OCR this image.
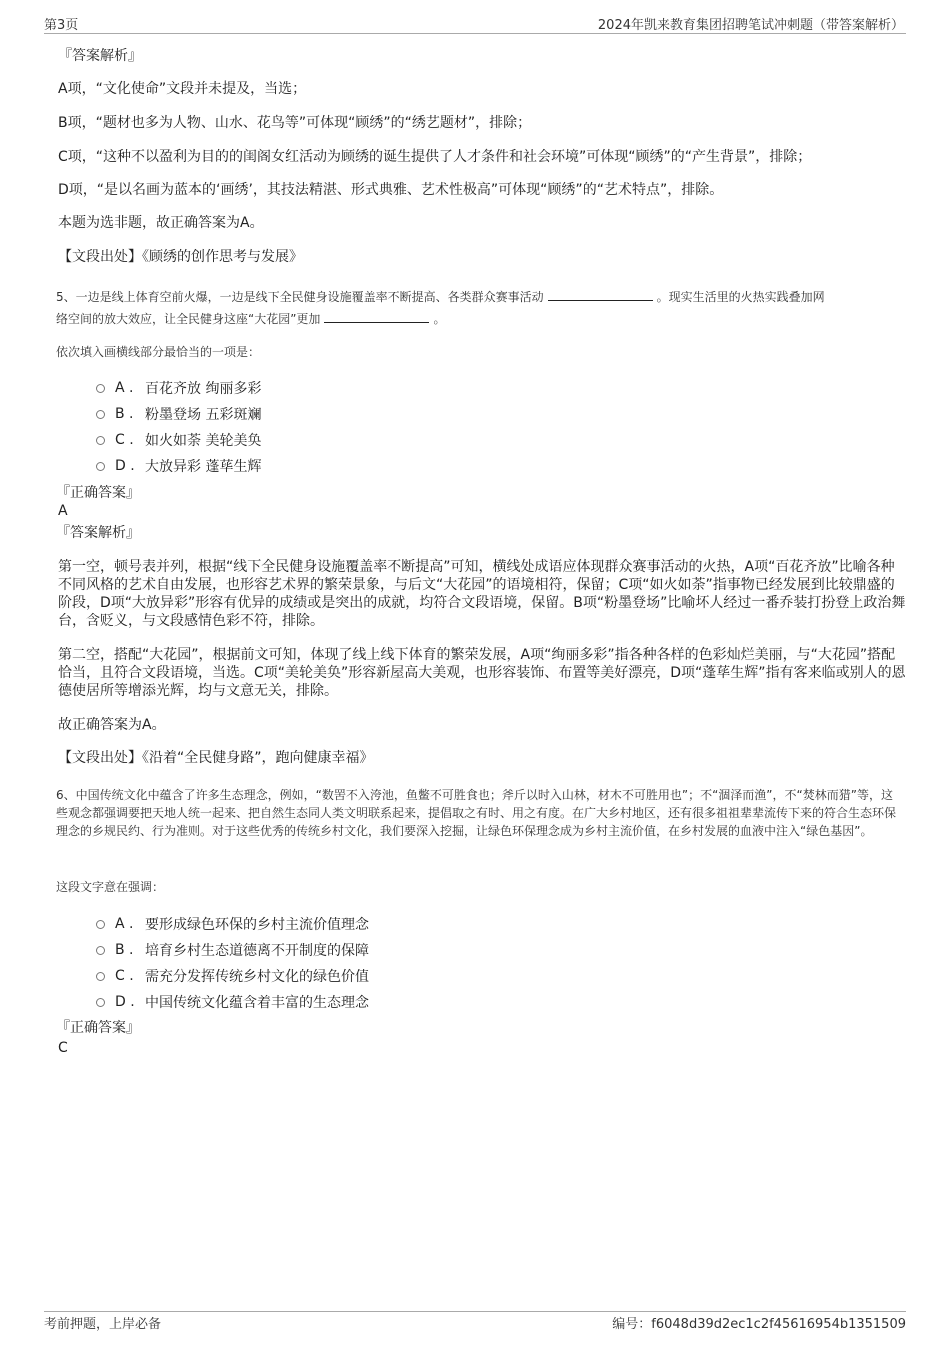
第3页	2024年凯来教育集团招聘笔试冲刺题（带答案解析）
『答案解析』
A项，“文化使命”文段并未提及，当选；
B项，“题材也多为人物、山水、花鸟等”可体现“顾绣”的“绣艺题材”，排除；
C项，“这种不以盈利为目的的闺阁女红活动为顾绣的诞生提供了人才条件和社会环境”可体现“顾绣”的“产生背景”，排除；
D项，“是以名画为蓝本的‘画绣’，其技法精湛、形式典雅、艺术性极高”可体现“顾绣”的“艺术特点”，排除。
本题为选非题，故正确答案为A。
【文段出处】《顾绣的创作思考与发展》
5、一边是线上体育空前火爆，一边是线下全民健身设施覆盖率不断提高、各类群众赛事活动	。现实生活里的火热实践叠加网
络空间的放大效应，让全民健身这座“大花园”更加	。
依次填入画横线部分最恰当的一项是：
A . 百花齐放 绚丽多彩
B . 粉墨登场 五彩斑斓
C . 如火如荼 美轮美奂
D . 大放异彩 蓬荜生辉
『正确答案』
A
『答案解析』
第一空，顿号表并列，根据“线下全民健身设施覆盖率不断提高”可知，横线处成语应体现群众赛事活动的火热，A项“百花齐放”比喻各种不同风格的艺术自由发展，也形容艺术界的繁荣景象，与后文“大花园”的语境相符，保留；C项“如火如荼”指事物已经发展到比较鼎盛的阶段，D项“大放异彩”形容有优异的成绩或是突出的成就，均符合文段语境，保留。B项“粉墨登场”比喻坏人经过一番乔装打扮登上政治舞台，含贬义，与文段感情色彩不符，排除。
第二空，搭配“大花园”，根据前文可知，体现了线上线下体育的繁荣发展，A项“绚丽多彩”指各种各样的色彩灿烂美丽，与“大花园”搭配恰当，且符合文段语境，当选。C项“美轮美奂”形容新屋高大美观，也形容装饰、布置等美好漂亮，D项“蓬荜生辉”指有客来临或别人的恩德使居所等增添光辉，均与文意无关，排除。
故正确答案为A。
【文段出处】《沿着“全民健身路”，跑向健康幸福》
6、中国传统文化中蕴含了许多生态理念，例如，“数罟不入洿池，鱼鳖不可胜食也；斧斤以时入山林，材木不可胜用也”；不“涸泽而渔”，不“焚林而猎”等，这些观念都强调要把天地人统一起来、把自然生态同人类文明联系起来，提倡取之有时、用之有度。在广大乡村地区，还有很多祖祖辈辈流传下来的符合生态环保理念的乡规民约、行为准则。对于这些优秀的传统乡村文化，我们要深入挖掘，让绿色环保理念成为乡村主流价值，在乡村发展的血液中注入“绿色基因”。
这段文字意在强调：
A . 要形成绿色环保的乡村主流价值理念
B . 培育乡村生态道德离不开制度的保障
C . 需充分发挥传统乡村文化的绿色价值
D . 中国传统文化蕴含着丰富的生态理念
『正确答案』
C
考前押题，上岸必备	编号：f6048d39d2ec1c2f45616954b1351509
